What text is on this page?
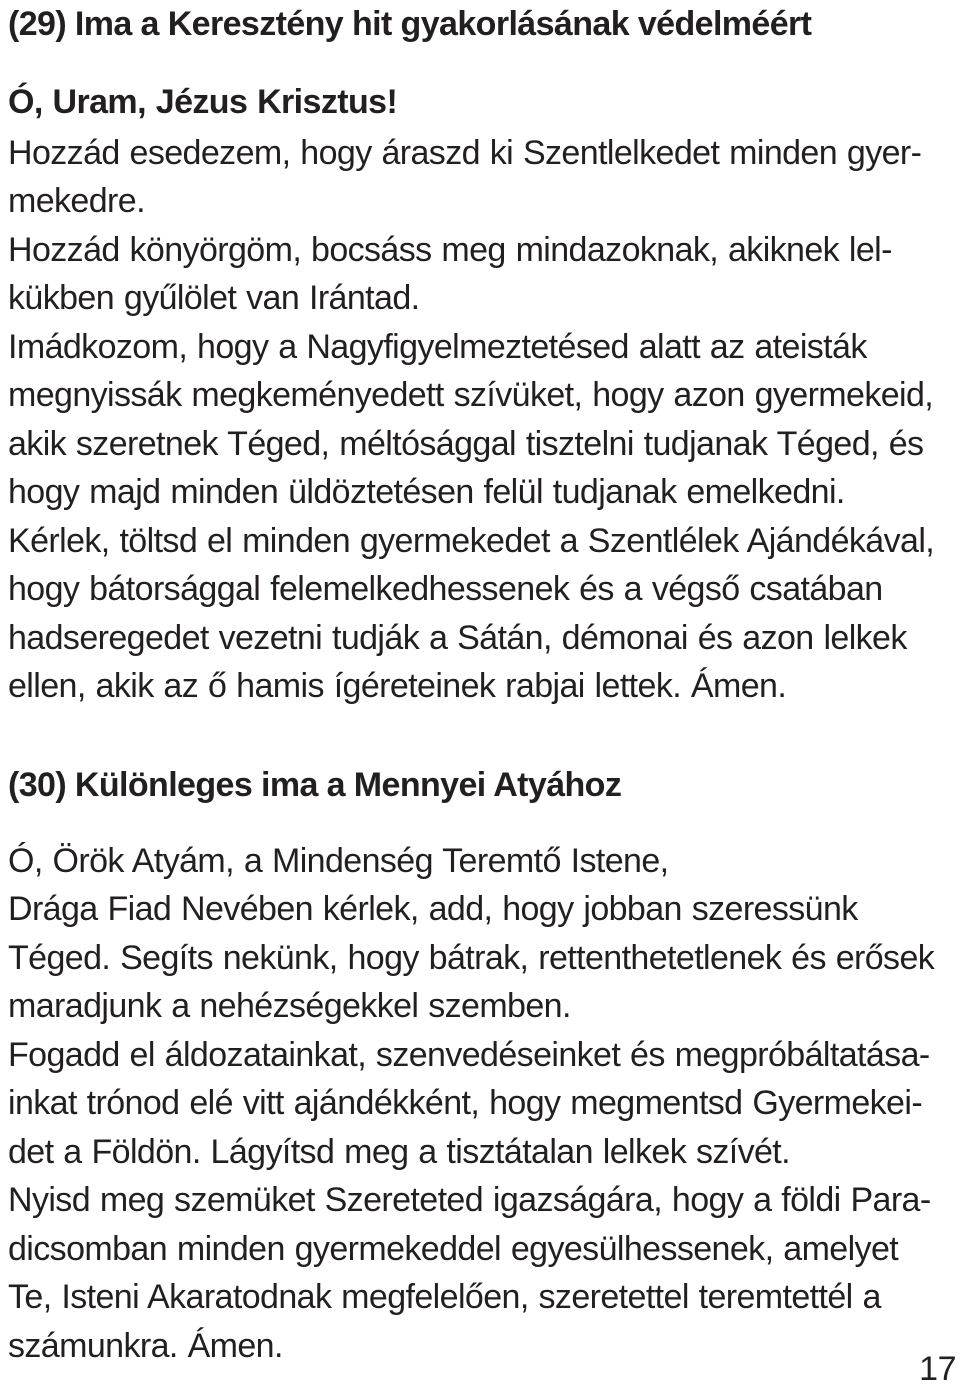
(29) Ima a Keresztény hit gyakorlásának védelméért

Ó, Uram, Jézus Krisztus!

Hozzád esedezem, hogy áraszd ki Szentlelkedet minden gyer-
mekedre.

Hozzád könyörgöm, bocsáss meg mindazoknak, akiknek lel-
kükben gyűlölet van Irántad.

Imádkozom, hogy a Nagyfigyelmeztetésed alatt az ateisták
megnyissák megkeményedett szívüket, hogy azon gyermekeid,
akik szeretnek Téged, méltósággal tisztelni tudjanak Téged, és
hogy majd minden üldöztetésen felül tudjanak emelkedni.

Kérlek, töltsd el minden gyermekedet a Szentlélek Ajándékával,
hogy bátorsággal felemelkedhessenek és a végső csatában
hadseregedet vezetni tudják a Sátán, démonai és azon lelkek
ellen, akik az ő hamis ígéreteinek rabjai lettek. Ámen.

(30) Különleges ima a Mennyei Atyához

Ó, Örök Atyám, a Mindenség Teremtő Istene,

Drága Fiad Nevében kérlek, add, hogy jobban szeressünk
Téged. Segíts nekünk, hogy bátrak, rettenthetetlenek és erősek
maradjunk a nehézségekkel szemben.

Fogadd el áldozatainkat, szenvedéseinket és megpróbáltatása-
inkat trónod elé vitt ajándékként, hogy megmentsd Gyermekei-
det a Földön. Lágyítsd meg a tisztátalan lelkek szívét.

Nyisd meg szemüket Szereteted igazságára, hogy a földi Para-
dicsomban minden gyermekeddel egyesülhessenek, amelyet
Te, Isteni Akaratodnak megfelelően, szeretettel teremtettél a
számunkra. Ámen.

17
